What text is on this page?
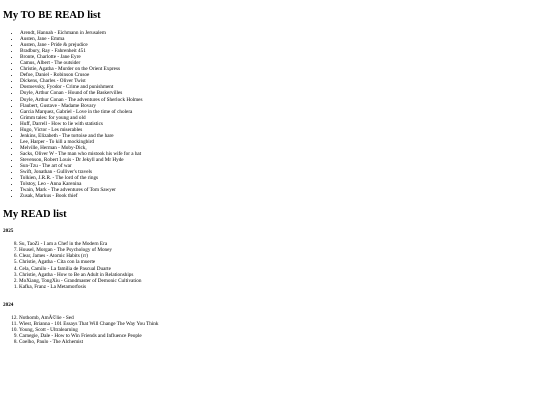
My TO BE READ list
• Arendt, Hannah - Eichmann in Jerusalem
• Austen, Jane - Emma
• Austen, Jane - Pride & prejudice
• Bradbury, Ray - Fahrenheit 451
• Bronte, Charlotte - Jane Eyre
• Camus, Albert - The outsider
• Christie, Agatha - Murder on the Orient Express
• Defoe, Daniel - Robinson Crusoe
• Dickens, Charles - Oliver Twist
• Dostoevsky, Fyodor - Crime and punishment
• Doyle, Arthur Conan - Hound of the Baskervilles
• Doyle, Arthur Conan - The adventures of Sherlock Holmes
• Flaubert, Gustave - Madame Bovary
• Garcia Marquez, Gabriel - Love in the time of cholera
• Grimm tales: for young and old
• Huff, Darrell - How to lie with statistics
• Hugo, Victor - Les miserables
• Jenkins, Elizabeth - The tortoise and the hare
• Lee, Harper - To kill a mockingbird
• Melville, Herman - Moby-Dick,
• Sacks, Oliver W - The man who mistook his wife for a hat
• Stevenson, Robert Louis - Dr Jekyll and Mr Hyde
• Sun-Tzu - The art of war
• Swift, Jonathan - Gulliver's travels
• Tolkien, J.R.R. - The lord of the rings
• Tolstoy, Leo - Anna Karenina
• Twain, Mark - The adventures of Tom Sawyer
• Zusak, Markus - Book thief
My READ list
2025
8. Su, TaoZi - I am a Chef in the Modern Era
7. Housel, Morgan - The Psychology of Money
6. Clear, James - Atomic Habits (rr)
5. Christie, Agatha - Cita con la muerte
4. Cela, Camilo - La familia de Pascual Duarte
3. Christie, Agatha - How to Be an Adult in Relationships
2. MoXiang, TongXiu - Grandmaster of Demonic Cultivation
1. Kafka, Franz - La Metamorfosis
2024
12. Nothomb, AmÃ©lie - Sed
11. Wiest, Brianna - 101 Essays That Will Change The Way You Think
10. Young, Scott - Ultralearning
9. Carnegie, Dale - How to Win Friends and Influence People
8. Coelho, Paulo - The Alchemist
